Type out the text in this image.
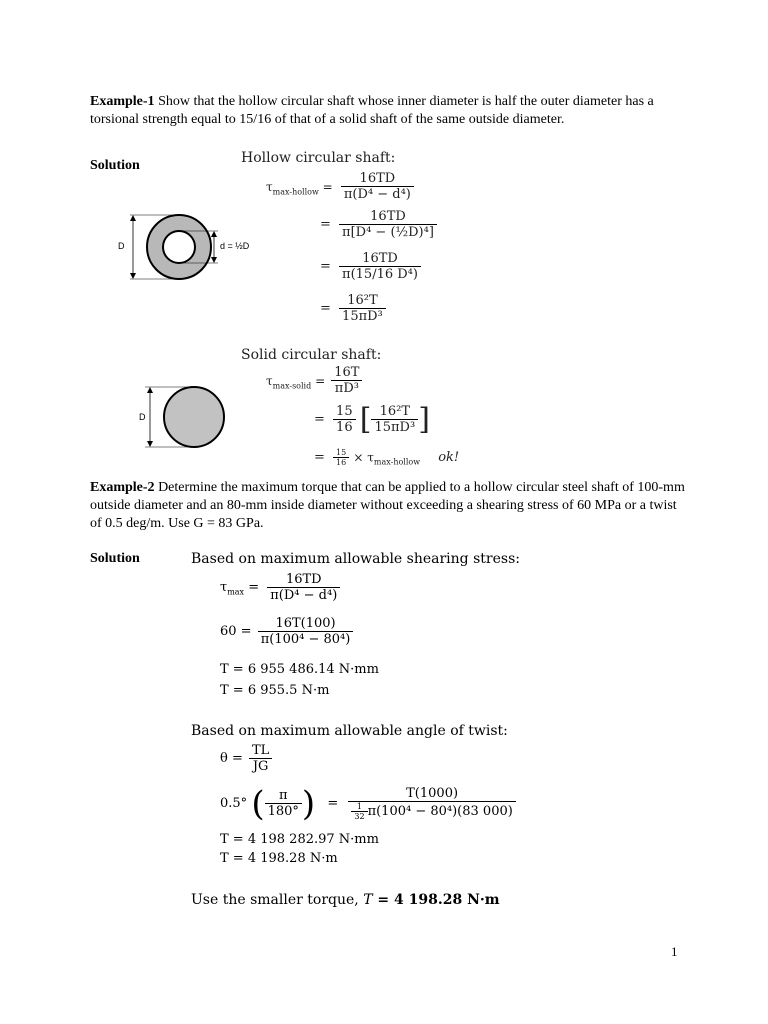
Example-1 Show that the hollow circular shaft whose inner diameter is half the outer diameter has a torsional strength equal to 15/16 of that of a solid shaft of the same outside diameter.
Solution	Hollow circular shaft:
$\tau_{max-hollow} = \frac{16TD}{\text{π(D⁴ − d⁴)}}$
= $\frac{16TD}{\text{π[D⁴ − (½D)⁴]}}$
= $\frac{16TD}{\text{π(15/16 D⁴)}}$
= $\frac{\text{16²T}}{\text{15πD³}}$
D	d = ½D
Solid circular shaft:
$\tau_{max-solid} = \frac{16T}{\text{πD³}}$
= $\frac{15}{16}$ [ $\frac{\text{16²T}}{\text{15πD³}}$ ]
= $\frac{15}{16} \times \tau_{max-hollow}$ ok!
D
Example-2 Determine the maximum torque that can be applied to a hollow circular steel shaft of 100-mm outside diameter and an 80-mm inside diameter without exceeding a shearing stress of 60 MPa or a twist of 0.5 deg/m. Use G = 83 GPa.
Solution	Based on maximum allowable shearing stress:
$\tau_{max} = \frac{16TD}{\text{π(D⁴ − d⁴)}}$
$60 = \frac{16T(100)}{\text{π(100⁴ − 80⁴)}}$
T = 6 955 486.14 N·mm
T = 6 955.5 N·m
Based on maximum allowable angle of twist:
$\theta = \frac{TL}{JG}$
0.5° ( $\frac{\pi}{180^\circ}$ ) = $\frac{T(1000)}{\frac{1}{32} \pi(100^4 - 80^4)(83 000)}$
T = 4 198 282.97 N·mm
T = 4 198.28 N·m
Use the smaller torque, T = 4 198.28 N·m
1
